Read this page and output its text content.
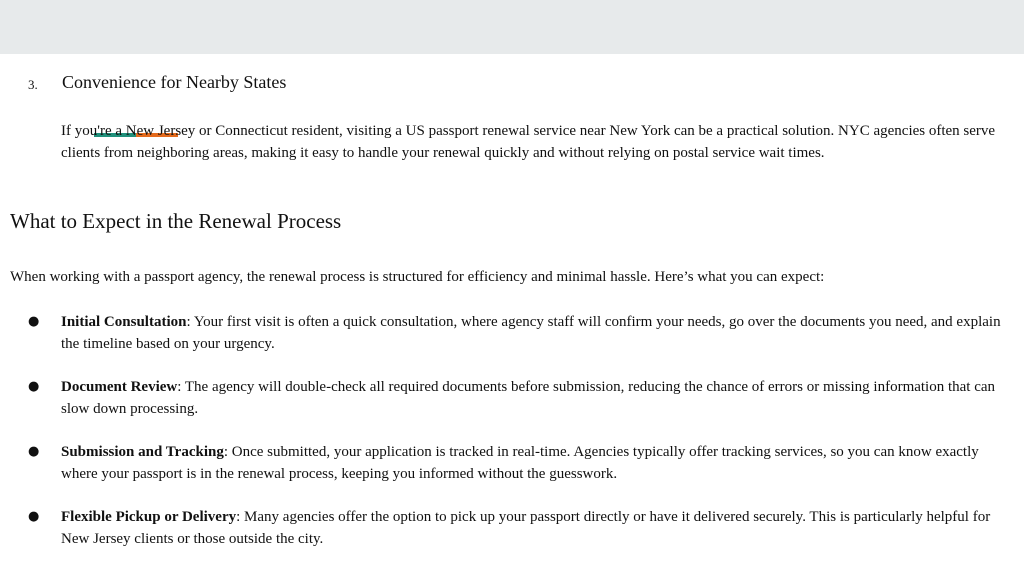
3. Convenience for Nearby States

If you're a New Jersey or Connecticut resident, visiting a US passport renewal service near New York can be a practical solution. NYC agencies often serve clients from neighboring areas, making it easy to handle your renewal quickly and without relying on postal service wait times.

What to Expect in the Renewal Process

When working with a passport agency, the renewal process is structured for efficiency and minimal hassle. Here’s what you can expect:

● Initial Consultation: Your first visit is often a quick consultation, where agency staff will confirm your needs, go over the documents you need, and explain the timeline based on your urgency.
● Document Review: The agency will double-check all required documents before submission, reducing the chance of errors or missing information that can slow down processing.
● Submission and Tracking: Once submitted, your application is tracked in real-time. Agencies typically offer tracking services, so you can know exactly where your passport is in the renewal process, keeping you informed without the guesswork.
● Flexible Pickup or Delivery: Many agencies offer the option to pick up your passport directly or have it delivered securely. This is particularly helpful for New Jersey clients or those outside the city.
